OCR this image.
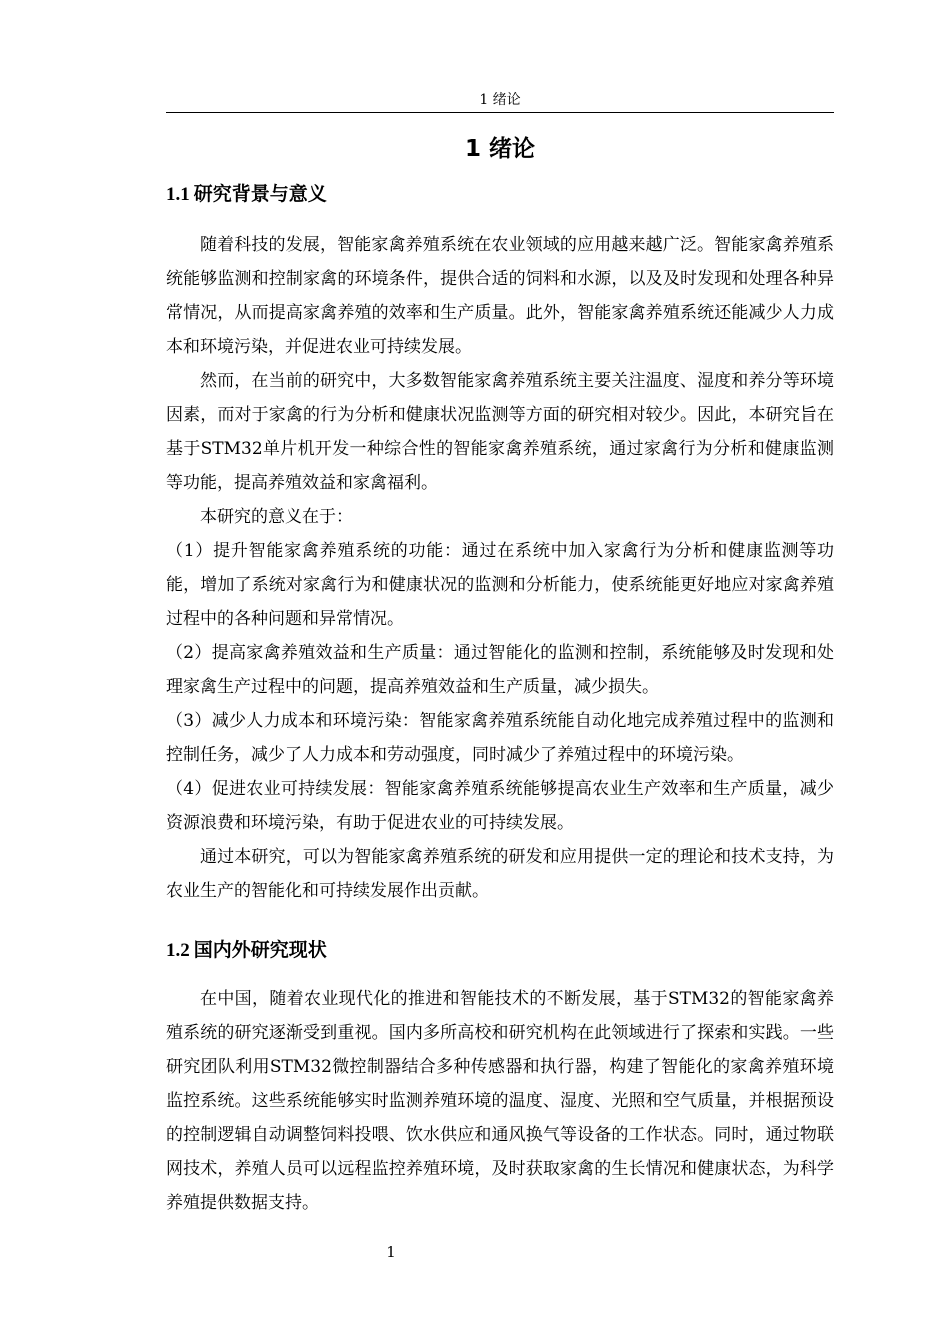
1 绪论
1 绪论
1.1 研究背景与意义

随着科技的发展，智能家禽养殖系统在农业领域的应用越来越广泛。智能家禽养殖系统能够监测和控制家禽的环境条件，提供合适的饲料和水源，以及及时发现和处理各种异常情况，从而提高家禽养殖的效率和生产质量。此外，智能家禽养殖系统还能减少人力成本和环境污染，并促进农业可持续发展。

然而，在当前的研究中，大多数智能家禽养殖系统主要关注温度、湿度和养分等环境因素，而对于家禽的行为分析和健康状况监测等方面的研究相对较少。因此，本研究旨在基于STM32单片机开发一种综合性的智能家禽养殖系统，通过家禽行为分析和健康监测等功能，提高养殖效益和家禽福利。

本研究的意义在于：

（1）提升智能家禽养殖系统的功能：通过在系统中加入家禽行为分析和健康监测等功能，增加了系统对家禽行为和健康状况的监测和分析能力，使系统能更好地应对家禽养殖过程中的各种问题和异常情况。

（2）提高家禽养殖效益和生产质量：通过智能化的监测和控制，系统能够及时发现和处理家禽生产过程中的问题，提高养殖效益和生产质量，减少损失。

（3）减少人力成本和环境污染：智能家禽养殖系统能自动化地完成养殖过程中的监测和控制任务，减少了人力成本和劳动强度，同时减少了养殖过程中的环境污染。

（4）促进农业可持续发展：智能家禽养殖系统能够提高农业生产效率和生产质量，减少资源浪费和环境污染，有助于促进农业的可持续发展。

通过本研究，可以为智能家禽养殖系统的研发和应用提供一定的理论和技术支持，为农业生产的智能化和可持续发展作出贡献。

1.2 国内外研究现状

在中国，随着农业现代化的推进和智能技术的不断发展，基于STM32的智能家禽养殖系统的研究逐渐受到重视。国内多所高校和研究机构在此领域进行了探索和实践。一些研究团队利用STM32微控制器结合多种传感器和执行器，构建了智能化的家禽养殖环境监控系统。这些系统能够实时监测养殖环境的温度、湿度、光照和空气质量，并根据预设的控制逻辑自动调整饲料投喂、饮水供应和通风换气等设备的工作状态。同时，通过物联网技术，养殖人员可以远程监控养殖环境，及时获取家禽的生长情况和健康状态，为科学养殖提供数据支持。

1
